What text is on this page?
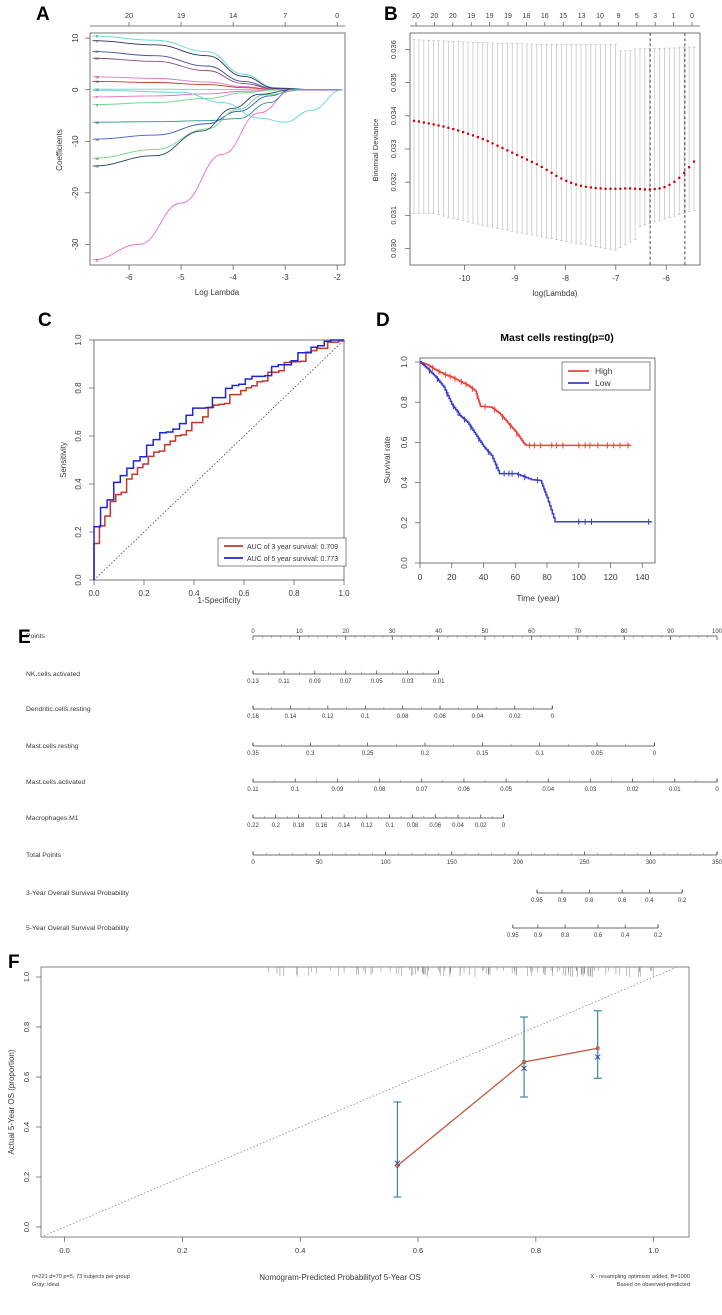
A	20	19	14	7	0
-6	-5	-4	-3	-2
10
0
-10
-20
-30
5
6
17
20
19
15
12
7
3
16
18
10
13
11
Log Lambda
Coefficients
B 20 20 20 19 19 19 18 16 15 13 10 9 5 3 1 0
-10	-9	-8	-7	-6
0.030
0.031
0.032
0.033
0.034
0.035
0.036
log(Lambda)
Binomial Deviance
C
0.0	0.2	0.4	0.6	0.8	1.0
0.0
0.2
0.4
0.6
0.8
1.0
AUC of 3 year survival: 0.709
AUC of 5 year survival: 0.773
1-Specificity
Sensitivity
D
Mast cells resting(p=0)
0	20	40	60	80 100 120 140
0.0
0.2
0.4
0.6
0.8
1.0
High
Low
Time (year)
Survival rate
E
Points
0	10	20	30	40	50	60	70	80	90	100
NK.cells.activated
0.13	0.11	0.09	0.07	0.05	0.03	0.01
Dendritic.cells.resting
0.16	0.14	0.12	0.1	0.08	0.06	0.04	0.02	0
Mast.cells.resting
0.35	0.3	0.25	0.2	0.15	0.1	0.05	0
Mast.cells.activated
0.11	0.1	0.09	0.08	0.07	0.06	0.05	0.04	0.03	0.02	0.01	0
Macrophages.M1
0.22 0.2 0.18 0.16 0.14 0.12 0.1 0.08 0.06 0.04 0.02	0
Total Points
0	50	100	150	200	250	300	350
3-Year Overall Survival Probability
0.95	0.9	0.8	0.6	0.4	0.2
5-Year Overall Survival Probability
0.95	0.9	0.8	0.6	0.4	0.2
F
0.0	0.2	0.4	0.6	0.8	1.0
0.0
0.2
0.4
0.6
0.8
1.0
Nomogram-Predicted Probabilityof 5-Year OS
Actual 5-Year OS (proportion)
n=221 d=70 p=5, 73 subjects per group
Gray: ideal
X - resampling optimism added, B=1000
Based on observed-predicted
